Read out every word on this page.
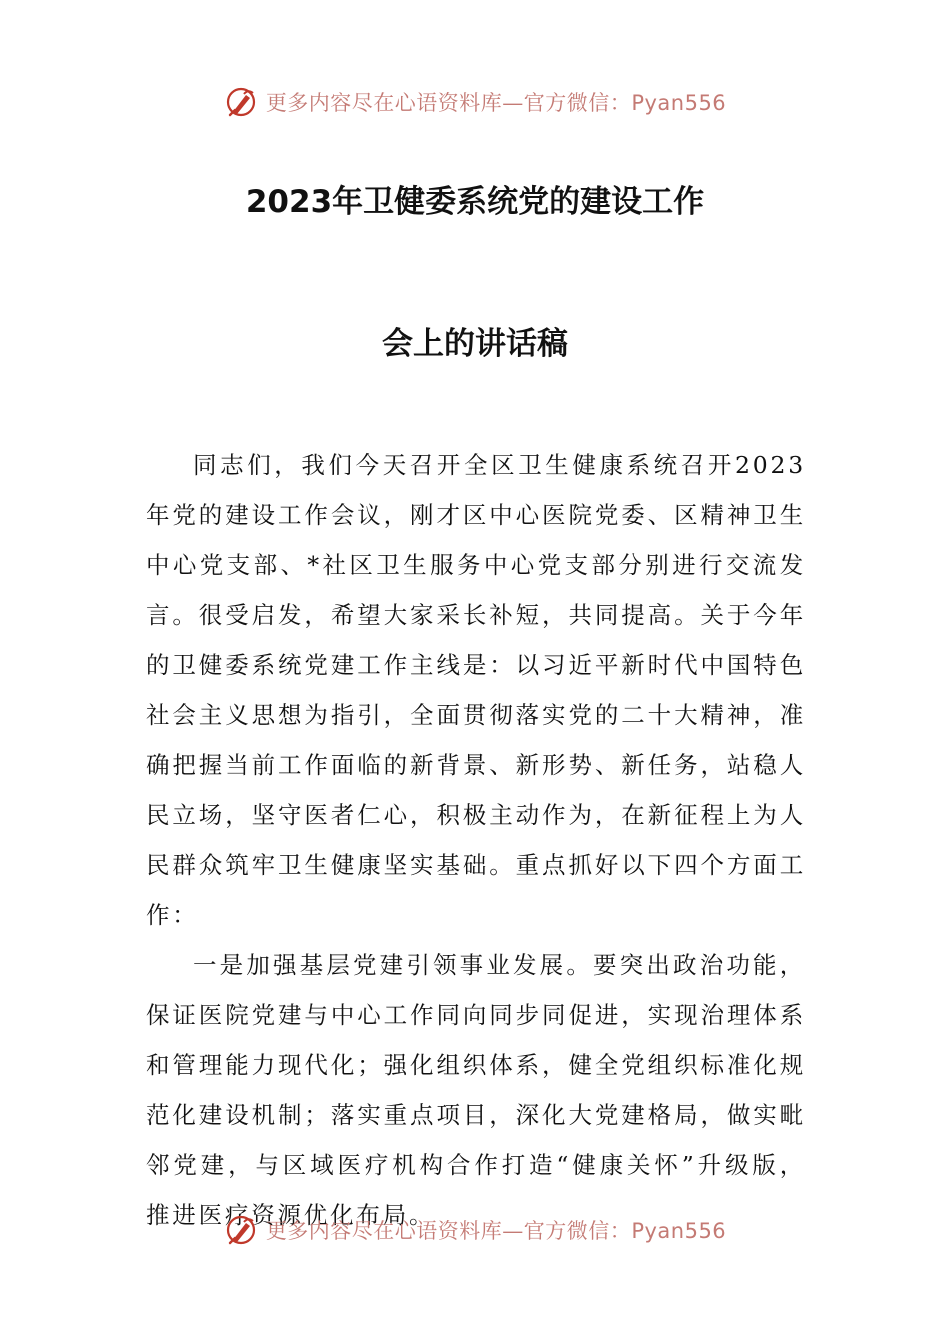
更多内容尽在心语资料库—官方微信：Pyan556
2023年卫健委系统党的建设工作
会上的讲话稿

同志们，我们今天召开全区卫生健康系统召开2023年党的建设工作会议，刚才区中心医院党委、区精神卫生中心党支部、*社区卫生服务中心党支部分别进行交流发言。很受启发，希望大家采长补短，共同提高。关于今年的卫健委系统党建工作主线是：以习近平新时代中国特色社会主义思想为指引，全面贯彻落实党的二十大精神，准确把握当前工作面临的新背景、新形势、新任务，站稳人民立场，坚守医者仁心，积极主动作为，在新征程上为人民群众筑牢卫生健康坚实基础。重点抓好以下四个方面工作：

一是加强基层党建引领事业发展。要突出政治功能，保证医院党建与中心工作同向同步同促进，实现治理体系和管理能力现代化；强化组织体系，健全党组织标准化规范化建设机制；落实重点项目，深化大党建格局，做实毗邻党建，与区域医疗机构合作打造“健康关怀”升级版，推进医疗资源优化布局。

更多内容尽在心语资料库—官方微信：Pyan556
